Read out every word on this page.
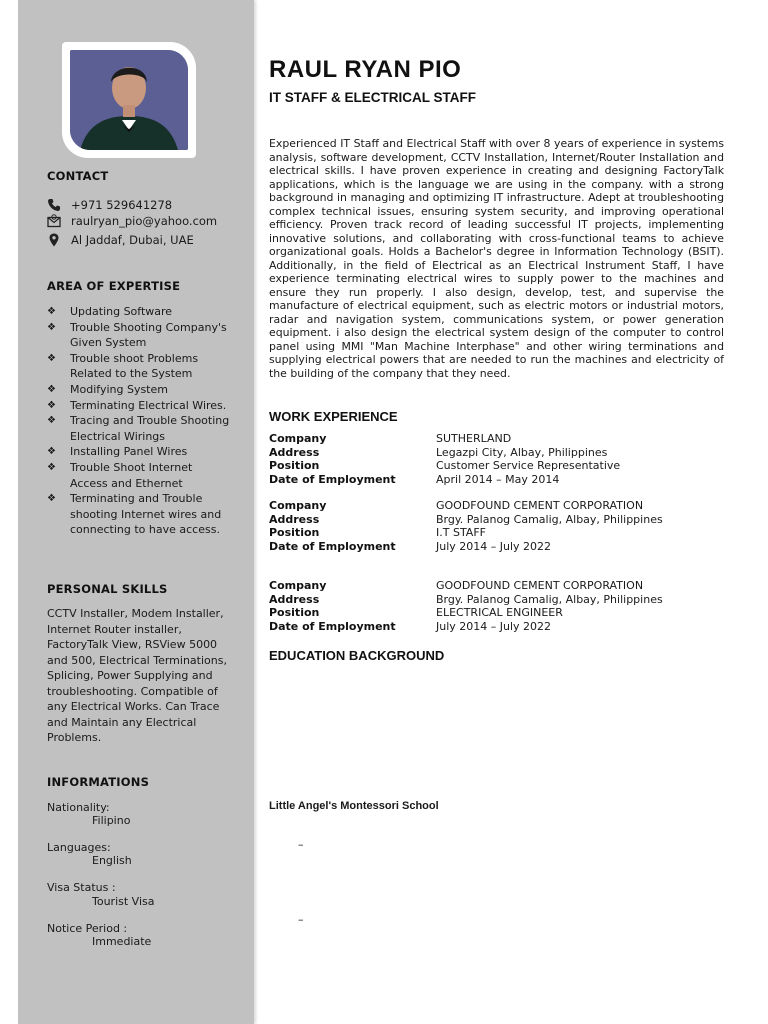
CONTACT
+971 529641278
raulryan_pio@yahoo.com
Al Jaddaf, Dubai, UAE
AREA OF EXPERTISE
❖ Updating Software
❖ Trouble Shooting Company's Given System
❖ Trouble shoot Problems Related to the System
❖ Modifying System
❖ Terminating Electrical Wires.
❖ Tracing and Trouble Shooting Electrical Wirings
❖ Installing Panel Wires
❖ Trouble Shoot Internet Access and Ethernet
❖ Terminating and Trouble shooting Internet wires and connecting to have access.
PERSONAL SKILLS
CCTV Installer, Modem Installer, Internet Router installer, FactoryTalk View, RSView 5000 and 500, Electrical Terminations, Splicing, Power Supplying and troubleshooting. Compatible of any Electrical Works. Can Trace and Maintain any Electrical Problems.
INFORMATIONS
Nationality:
Filipino
Languages:
English
Visa Status :
Tourist Visa
Notice Period :
Immediate
RAUL RYAN PIO
IT STAFF & ELECTRICAL STAFF
Experienced IT Staff and Electrical Staff with over 8 years of experience in systems analysis, software development, CCTV Installation, Internet/Router Installation and electrical skills. I have proven experience in creating and designing FactoryTalk applications, which is the language we are using in the company. with a strong background in managing and optimizing IT infrastructure. Adept at troubleshooting complex technical issues, ensuring system security, and improving operational efficiency. Proven track record of leading successful IT projects, implementing innovative solutions, and collaborating with cross-functional teams to achieve organizational goals. Holds a Bachelor's degree in Information Technology (BSIT). Additionally, in the field of Electrical as an Electrical Instrument Staff, I have experience terminating electrical wires to supply power to the machines and ensure they run properly. I also design, develop, test, and supervise the manufacture of electrical equipment, such as electric motors or industrial motors, radar and navigation system, communications system, or power generation equipment. i also design the electrical system design of the computer to control panel using MMI "Man Machine Interphase" and other wiring terminations and supplying electrical powers that are needed to run the machines and electricity of the building of the company that they need.
WORK EXPERIENCE
Company	SUTHERLAND
Address	Legazpi City, Albay, Philippines
Position	Customer Service Representative
Date of Employment	April 2014 – May 2014
Company	GOODFOUND CEMENT CORPORATION
Address	Brgy. Palanog Camalig, Albay, Philippines
Position	I.T STAFF
Date of Employment	July 2014 – July 2022
Company	GOODFOUND CEMENT CORPORATION
Address	Brgy. Palanog Camalig, Albay, Philippines
Position	ELECTRICAL ENGINEER
Date of Employment	July 2014 – July 2022
EDUCATION BACKGROUND
Little Angel's Montessori School
–
–
